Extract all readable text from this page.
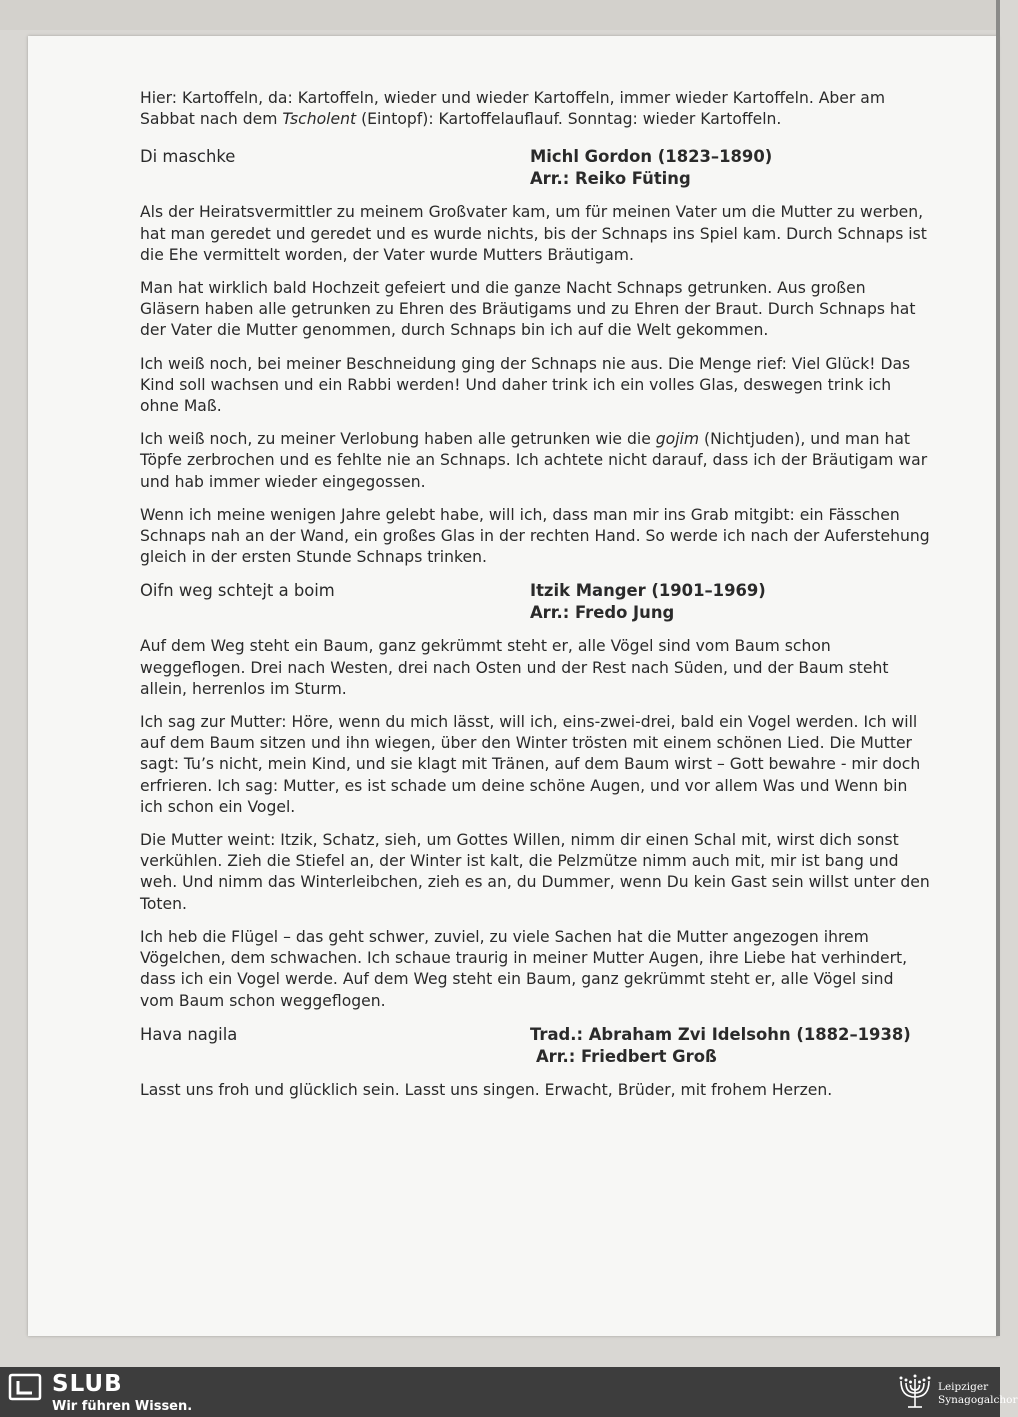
Hier: Kartoffeln, da: Kartoffeln, wieder und wieder Kartoffeln, immer wieder Kartoffeln. Aber am Sabbat nach dem Tscholent (Eintopf): Kartoffelauflauf. Sonntag: wieder Kartoffeln.

Di maschke	Michl Gordon (1823–1890)
Arr.: Reiko Füting

Als der Heiratsvermittler zu meinem Großvater kam, um für meinen Vater um die Mutter zu werben, hat man geredet und geredet und es wurde nichts, bis der Schnaps ins Spiel kam. Durch Schnaps ist die Ehe vermittelt worden, der Vater wurde Mutters Bräutigam.

Man hat wirklich bald Hochzeit gefeiert und die ganze Nacht Schnaps getrunken. Aus großen Gläsern haben alle getrunken zu Ehren des Bräutigams und zu Ehren der Braut. Durch Schnaps hat der Vater die Mutter genommen, durch Schnaps bin ich auf die Welt gekommen.

Ich weiß noch, bei meiner Beschneidung ging der Schnaps nie aus. Die Menge rief: Viel Glück! Das Kind soll wachsen und ein Rabbi werden! Und daher trink ich ein volles Glas, deswegen trink ich ohne Maß.

Ich weiß noch, zu meiner Verlobung haben alle getrunken wie die gojim (Nichtjuden), und man hat Töpfe zerbrochen und es fehlte nie an Schnaps. Ich achtete nicht darauf, dass ich der Bräutigam war und hab immer wieder eingegossen.

Wenn ich meine wenigen Jahre gelebt habe, will ich, dass man mir ins Grab mitgibt: ein Fässchen Schnaps nah an der Wand, ein großes Glas in der rechten Hand. So werde ich nach der Auferstehung gleich in der ersten Stunde Schnaps trinken.

Oifn weg schtejt a boim	Itzik Manger (1901–1969)
Arr.: Fredo Jung

Auf dem Weg steht ein Baum, ganz gekrümmt steht er, alle Vögel sind vom Baum schon weggeflogen. Drei nach Westen, drei nach Osten und der Rest nach Süden, und der Baum steht allein, herrenlos im Sturm.

Ich sag zur Mutter: Höre, wenn du mich lässt, will ich, eins-zwei-drei, bald ein Vogel werden. Ich will auf dem Baum sitzen und ihn wiegen, über den Winter trösten mit einem schönen Lied. Die Mutter sagt: Tu’s nicht, mein Kind, und sie klagt mit Tränen, auf dem Baum wirst – Gott bewahre - mir doch erfrieren. Ich sag: Mutter, es ist schade um deine schöne Augen, und vor allem Was und Wenn bin ich schon ein Vogel.

Die Mutter weint: Itzik, Schatz, sieh, um Gottes Willen, nimm dir einen Schal mit, wirst dich sonst verkühlen. Zieh die Stiefel an, der Winter ist kalt, die Pelzmütze nimm auch mit, mir ist bang und weh. Und nimm das Winterleibchen, zieh es an, du Dummer, wenn Du kein Gast sein willst unter den Toten.

Ich heb die Flügel – das geht schwer, zuviel, zu viele Sachen hat die Mutter angezogen ihrem Vögelchen, dem schwachen. Ich schaue traurig in meiner Mutter Augen, ihre Liebe hat verhindert, dass ich ein Vogel werde. Auf dem Weg steht ein Baum, ganz gekrümmt steht er, alle Vögel sind vom Baum schon weggeflogen.

Hava nagila	Trad.: Abraham Zvi Idelsohn (1882–1938)
Arr.: Friedbert Groß

Lasst uns froh und glücklich sein. Lasst uns singen. Erwacht, Brüder, mit frohem Herzen.

SLUB
Wir führen Wissen.
Leipziger
Synagogalchor
